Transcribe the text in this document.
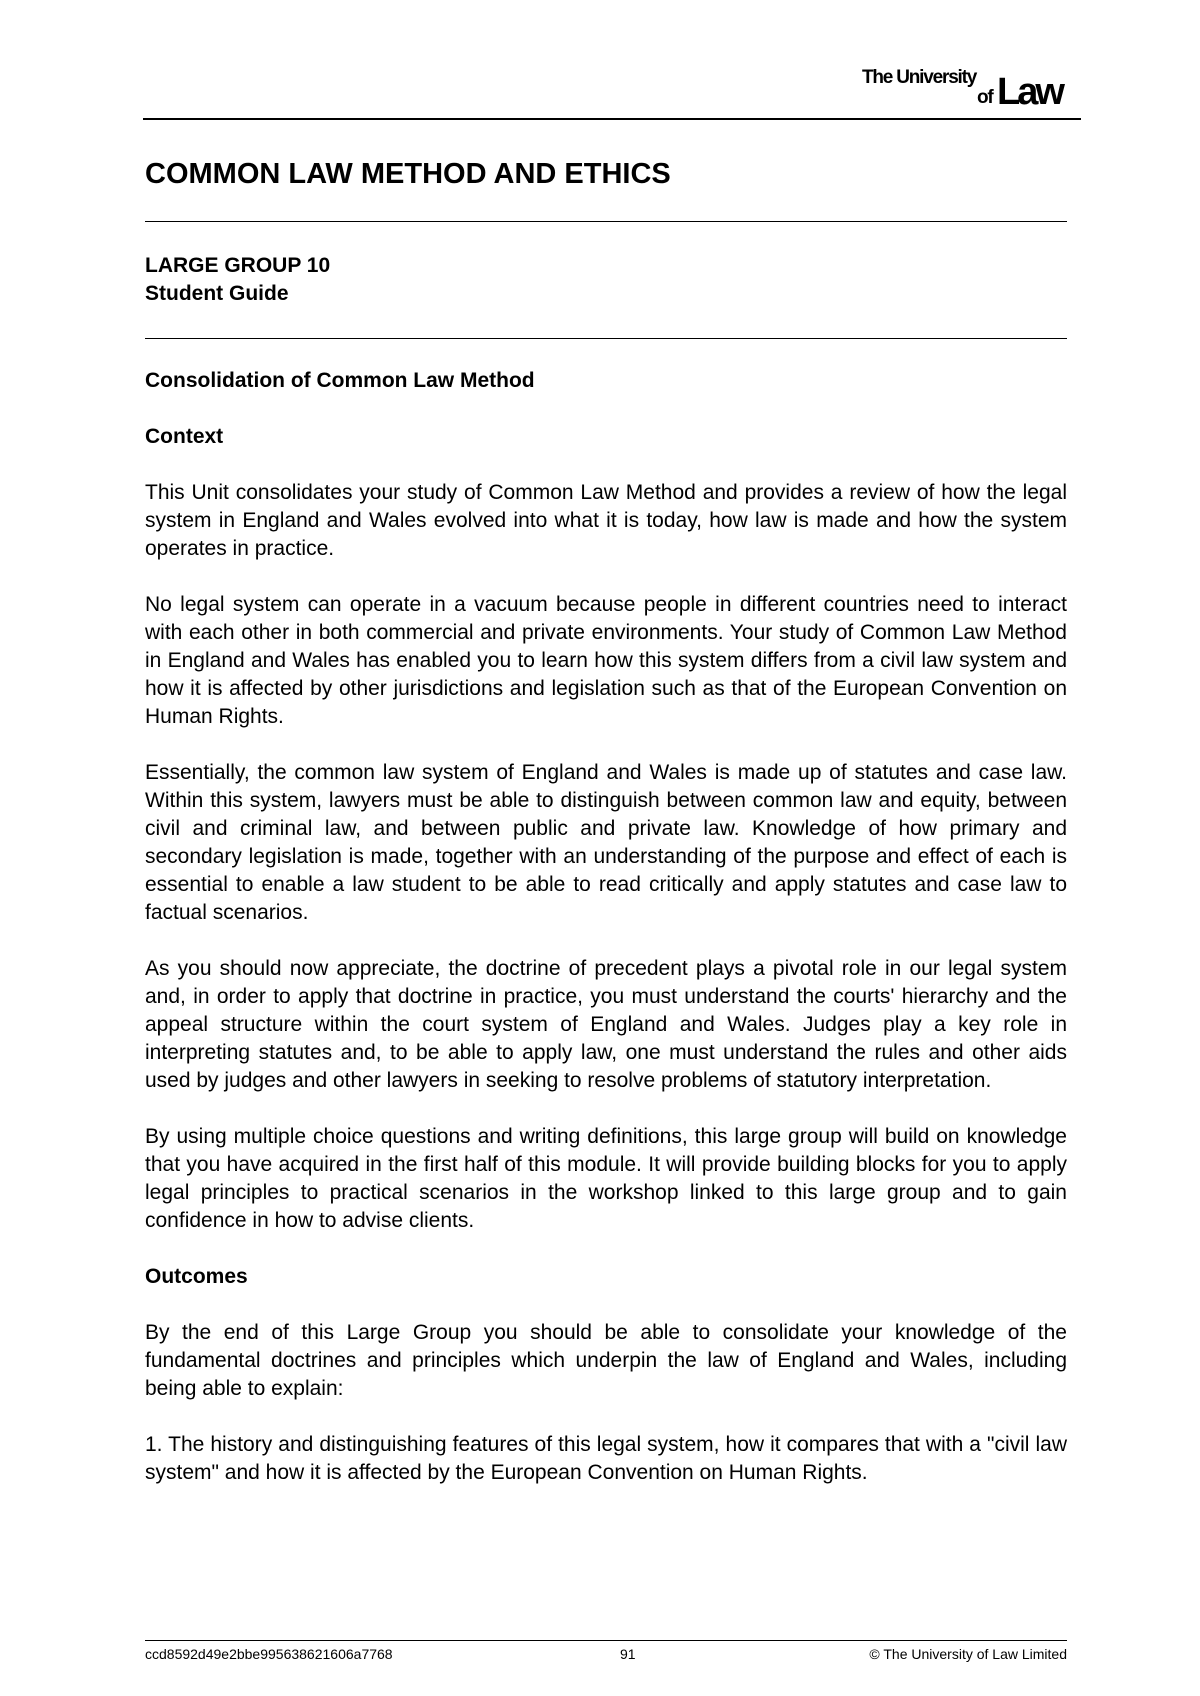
The University
of Law
COMMON LAW METHOD AND ETHICS
LARGE GROUP 10
Student Guide
Consolidation of Common Law Method
Context

This Unit consolidates your study of Common Law Method and provides a review of how the legal system in England and Wales evolved into what it is today, how law is made and how the system operates in practice.

No legal system can operate in a vacuum because people in different countries need to interact with each other in both commercial and private environments. Your study of Common Law Method in England and Wales has enabled you to learn how this system differs from a civil law system and how it is affected by other jurisdictions and legislation such as that of the European Convention on Human Rights.

Essentially, the common law system of England and Wales is made up of statutes and case law. Within this system, lawyers must be able to distinguish between common law and equity, between civil and criminal law, and between public and private law. Knowledge of how primary and secondary legislation is made, together with an understanding of the purpose and effect of each is essential to enable a law student to be able to read critically and apply statutes and case law to factual scenarios.

As you should now appreciate, the doctrine of precedent plays a pivotal role in our legal system and, in order to apply that doctrine in practice, you must understand the courts' hierarchy and the appeal structure within the court system of England and Wales. Judges play a key role in interpreting statutes and, to be able to apply law, one must understand the rules and other aids used by judges and other lawyers in seeking to resolve problems of statutory interpretation.

By using multiple choice questions and writing definitions, this large group will build on knowledge that you have acquired in the first half of this module. It will provide building blocks for you to apply legal principles to practical scenarios in the workshop linked to this large group and to gain confidence in how to advise clients.

Outcomes

By the end of this Large Group you should be able to consolidate your knowledge of the fundamental doctrines and principles which underpin the law of England and Wales, including being able to explain:

1. The history and distinguishing features of this legal system, how it compares that with a "civil law system" and how it is affected by the European Convention on Human Rights.

ccd8592d49e2bbe995638621606a7768	91	© The University of Law Limited
